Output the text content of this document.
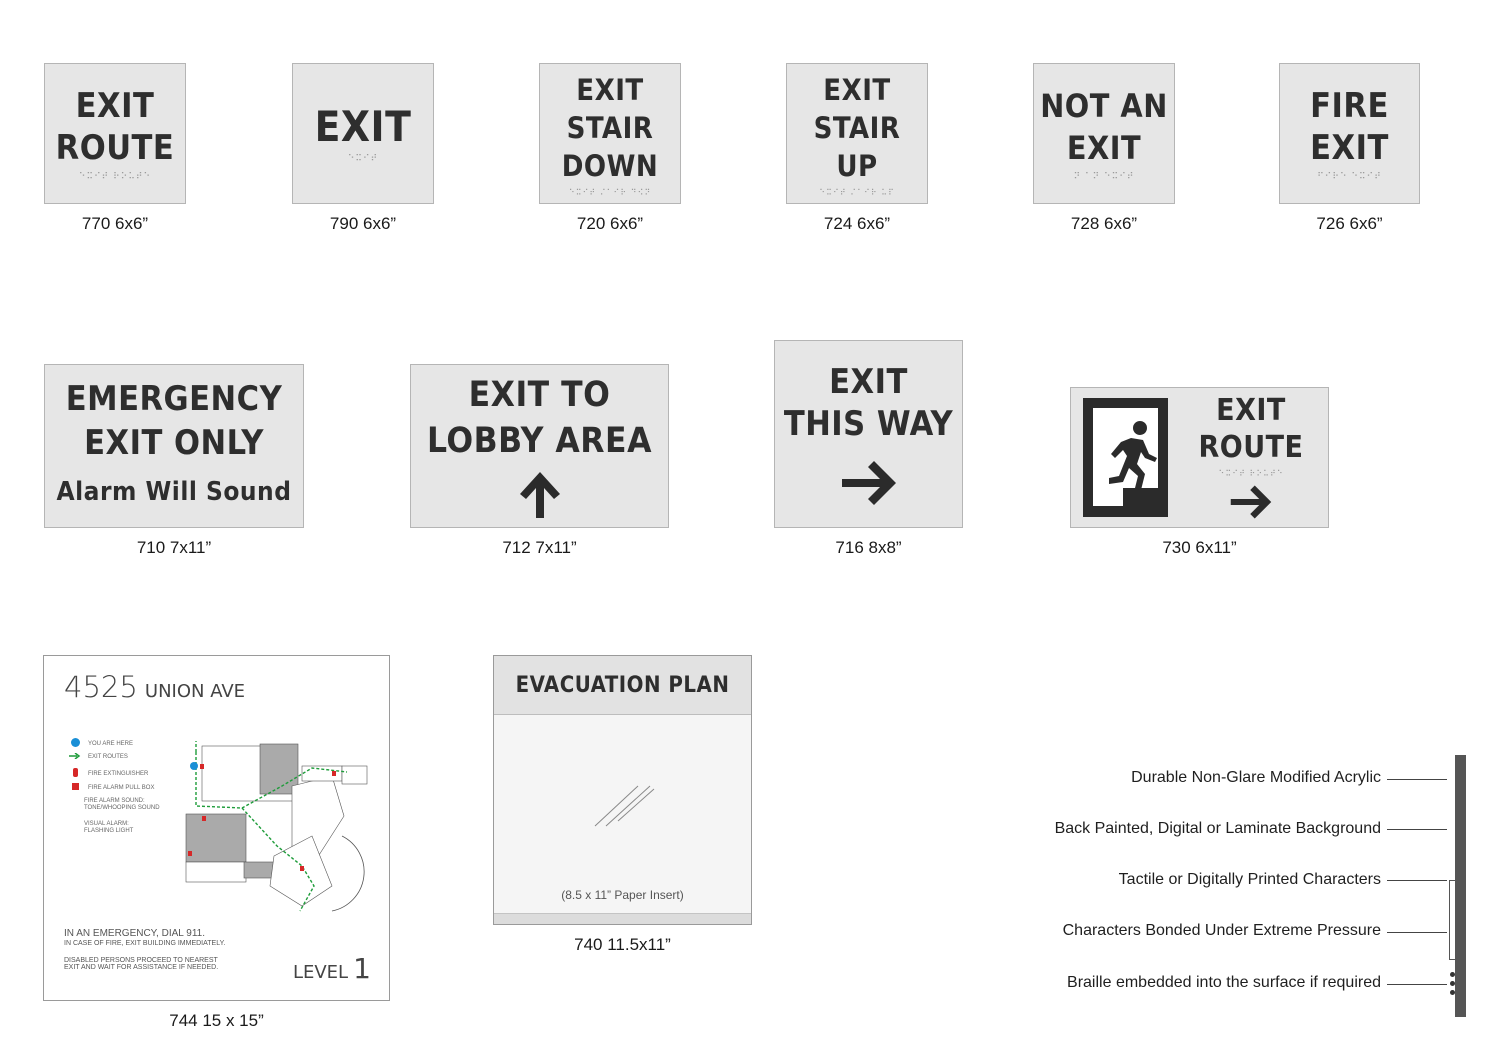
EXIT
ROUTE
⠑⠭⠊⠞ ⠗⠕⠥⠞⠑
770 6x6”
EXIT
⠑⠭⠊⠞
790 6x6”
EXIT
STAIR
DOWN
⠑⠭⠊⠞ ⠌⠁⠊⠗ ⠙⠪⠝
720 6x6”
EXIT
STAIR
UP
⠑⠭⠊⠞ ⠌⠁⠊⠗ ⠥⠏
724 6x6”
NOT AN
EXIT
⠝ ⠁⠝ ⠑⠭⠊⠞
728 6x6”
FIRE
EXIT
⠋⠊⠗⠑ ⠑⠭⠊⠞
726 6x6”
EMERGENCY
EXIT ONLY
Alarm Will Sound
710 7x11”
EXIT TO
LOBBY AREA
712 7x11”
EXIT
THIS WAY
716 8x8”
EXIT
ROUTE
⠑⠭⠊⠞ ⠗⠕⠥⠞⠑
730 6x11”
4525 UNION AVE
YOU ARE HERE
EXIT ROUTES
FIRE EXTINGUISHER
FIRE ALARM PULL BOX
FIRE ALARM SOUND:
TONE/WHOOPING SOUND
VISUAL ALARM:
FLASHING LIGHT
IN AN EMERGENCY, DIAL 911.
IN CASE OF FIRE, EXIT BUILDING IMMEDIATELY.
DISABLED PERSONS PROCEED TO NEAREST
EXIT AND WAIT FOR ASSISTANCE IF NEEDED.	LEVEL 1
744 15 x 15”
EVACUATION PLAN
(8.5 x 11” Paper Insert)
740 11.5x11”
Durable Non-Glare Modified Acrylic
Back Painted, Digital or Laminate Background
Tactile or Digitally Printed Characters
Characters Bonded Under Extreme Pressure
Braille embedded into the surface if required
